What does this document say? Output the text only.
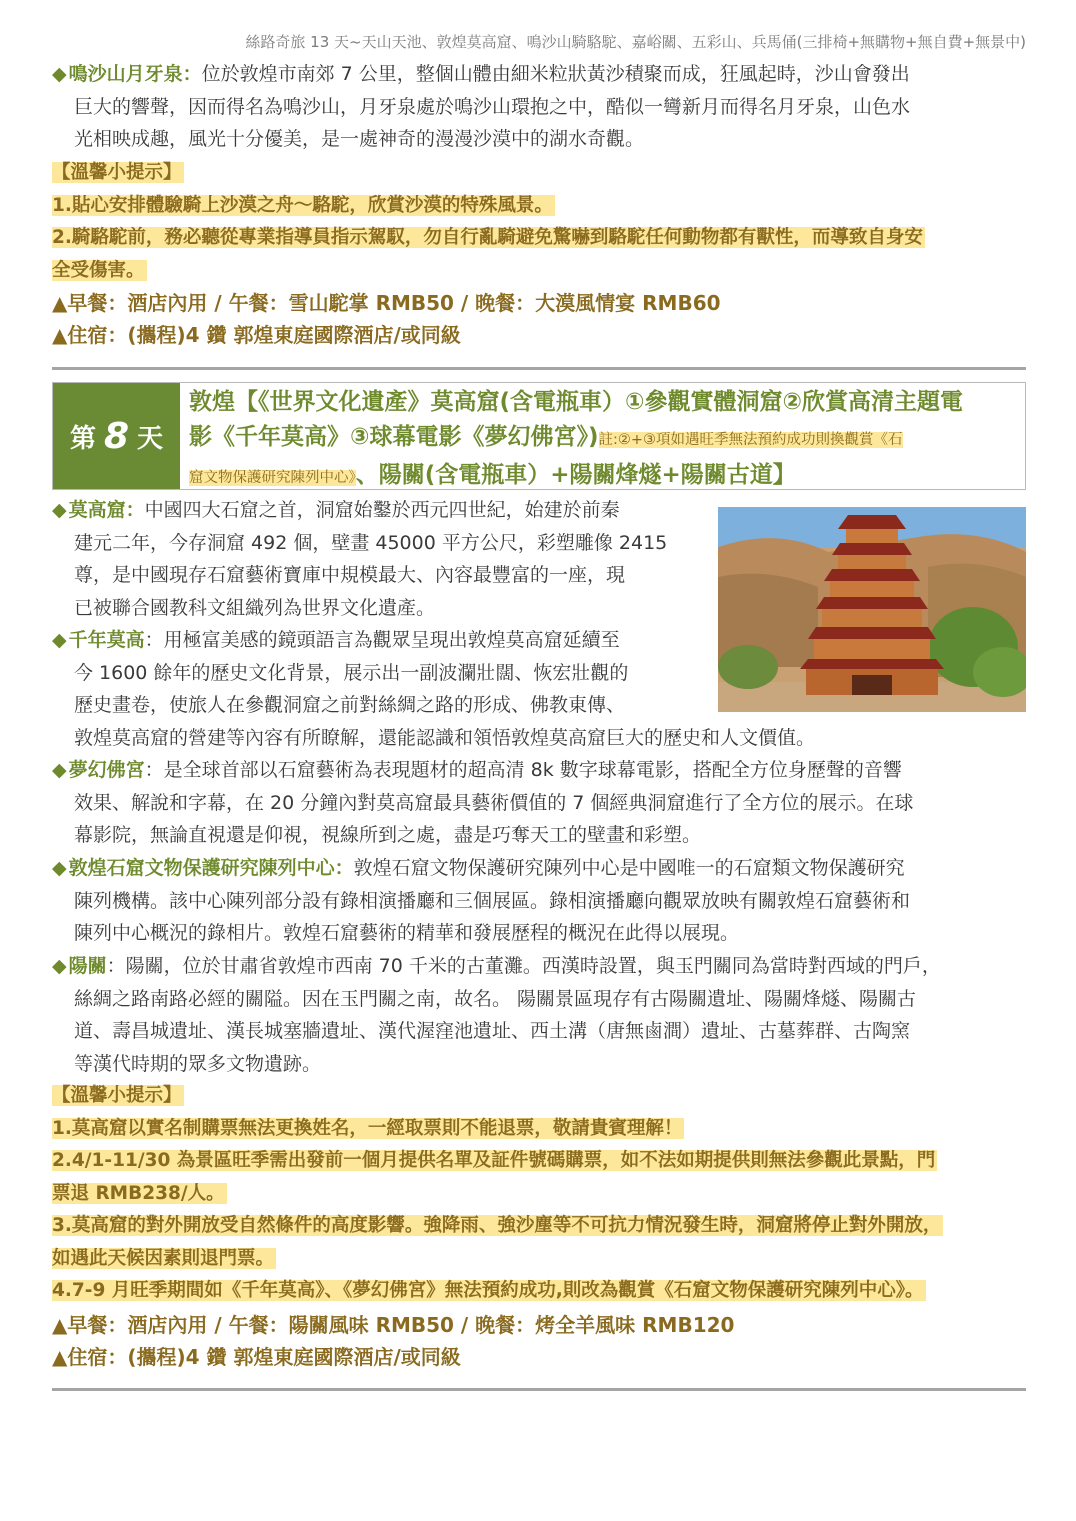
絲路奇旅 13 天~天山天池、敦煌莫高窟、鳴沙山騎駱駝、嘉峪關、五彩山、兵馬俑(三排椅+無購物+無自費+無景中)
◆ 鳴沙山月牙泉：位於敦煌市南郊 7 公里，整個山體由細米粒狀黃沙積聚而成，狂風起時，沙山會發出
巨大的響聲，因而得名為鳴沙山，月牙泉處於鳴沙山環抱之中，酷似一彎新月而得名月牙泉，山色水
光相映成趣，風光十分優美，是一處神奇的漫漫沙漠中的湖水奇觀。
【溫馨小提示】
1.貼心安排體驗騎上沙漠之舟～駱駝，欣賞沙漠的特殊風景。
2.騎駱駝前，務必聽從專業指導員指示駕馭，勿自行亂騎避免驚嚇到駱駝任何動物都有獸性，而導致自身安
全受傷害。
▲早餐：酒店內用 / 午餐：雪山駝掌 RMB50 / 晚餐：大漠風情宴 RMB60
▲住宿：(攜程)4 鑽 郭煌東庭國際酒店/或同級
第 8 天
敦煌【《世界文化遺產》莫高窟(含電瓶車）①參觀實體洞窟②欣賞高清主題電
影《千年莫高》③球幕電影《夢幻佛宮》)註:②+③項如遇旺季無法預約成功則換觀賞《石
窟文物保護研究陳列中心》、陽關(含電瓶車）+陽關烽燧+陽關古道】
◆ 莫高窟：中國四大石窟之首，洞窟始鑿於西元四世紀，始建於前秦
建元二年，今存洞窟 492 個，壁畫 45000 平方公尺，彩塑雕像 2415
尊，是中國現存石窟藝術寶庫中規模最大、內容最豐富的一座，現
已被聯合國教科文組織列為世界文化遺產。
◆ 千年莫高：用極富美感的鏡頭語言為觀眾呈現出敦煌莫高窟延續至
今 1600 餘年的歷史文化背景，展示出一副波瀾壯闊、恢宏壯觀的
歷史畫卷，使旅人在參觀洞窟之前對絲綢之路的形成、佛教東傳、
敦煌莫高窟的營建等內容有所瞭解，還能認識和領悟敦煌莫高窟巨大的歷史和人文價值。
◆ 夢幻佛宮：是全球首部以石窟藝術為表現題材的超高清 8k 數字球幕電影，搭配全方位身歷聲的音響
效果、解說和字幕，在 20 分鐘內對莫高窟最具藝術價值的 7 個經典洞窟進行了全方位的展示。在球
幕影院，無論直視還是仰視，視線所到之處，盡是巧奪天工的壁畫和彩塑。
◆ 敦煌石窟文物保護研究陳列中心：敦煌石窟文物保護研究陳列中心是中國唯一的石窟類文物保護研究
陳列機構。該中心陳列部分設有錄相演播廳和三個展區。錄相演播廳向觀眾放映有關敦煌石窟藝術和
陳列中心概況的錄相片。敦煌石窟藝術的精華和發展歷程的概況在此得以展現。
◆ 陽關：陽關，位於甘肅省敦煌市西南 70 千米的古董灘。西漢時設置，與玉門關同為當時對西域的門戶，
絲綢之路南路必經的關隘。因在玉門關之南，故名。 陽關景區現存有古陽關遺址、陽關烽燧、陽關古
道、壽昌城遺址、漢長城塞牆遺址、漢代渥窪池遺址、西土溝（唐無鹵澗）遺址、古墓葬群、古陶窯
等漢代時期的眾多文物遺跡。
【溫馨小提示】
1.莫高窟以實名制購票無法更換姓名，一經取票則不能退票，敬請貴賓理解！
2.4/1-11/30 為景區旺季需出發前一個月提供名單及証件號碼購票，如不法如期提供則無法參觀此景點，門
票退 RMB238/人。
3.莫高窟的對外開放受自然條件的高度影響。強降雨、強沙塵等不可抗力情況發生時，洞窟將停止對外開放，
如遇此天候因素則退門票。
4.7-9 月旺季期間如《千年莫高》、《夢幻佛宮》無法預約成功,則改為觀賞《石窟文物保護研究陳列中心》。
▲早餐：酒店內用 / 午餐：陽關風味 RMB50 / 晚餐：烤全羊風味 RMB120
▲住宿：(攜程)4 鑽 郭煌東庭國際酒店/或同級
